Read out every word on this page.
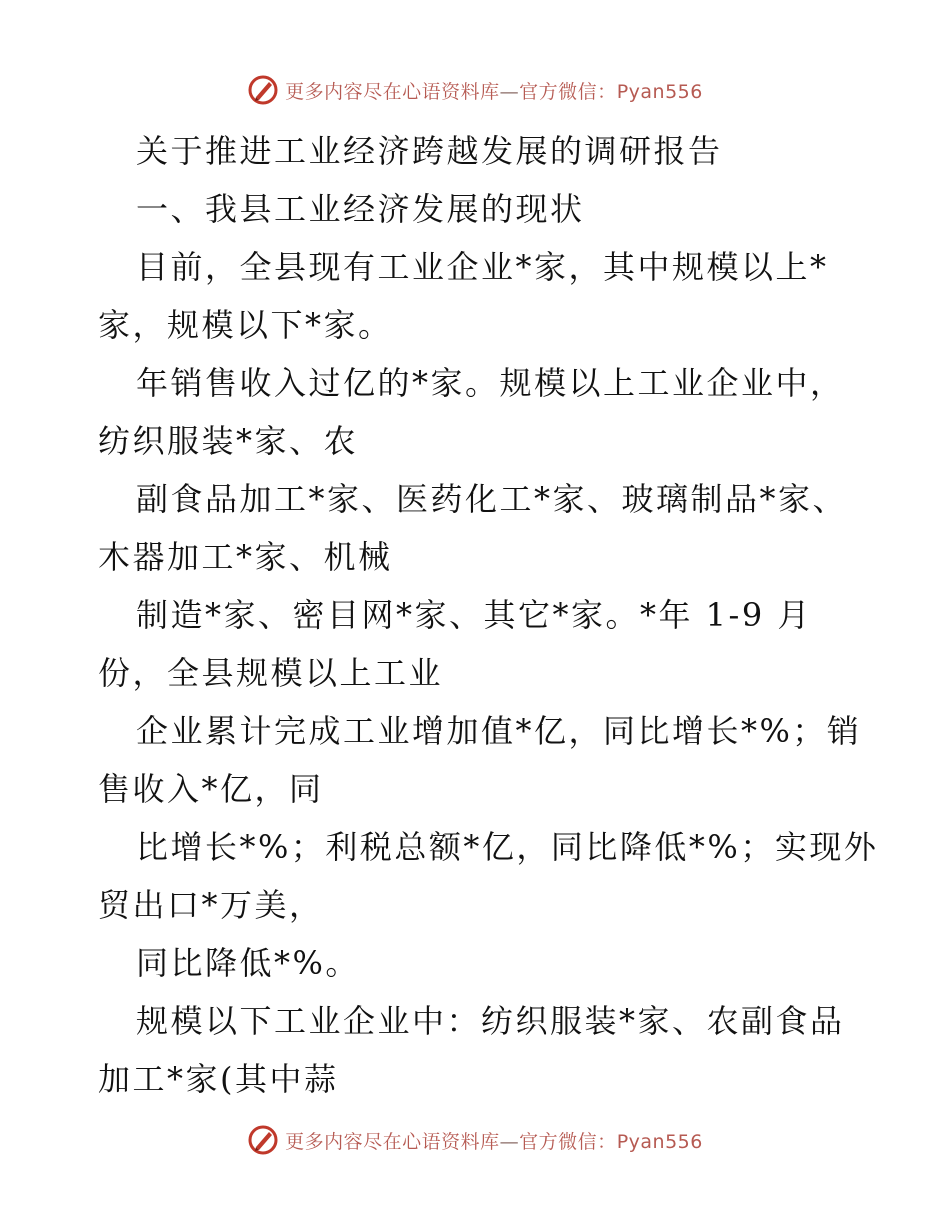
更多内容尽在心语资料库—官方微信：Pyan556
关于推进工业经济跨越发展的调研报告
一、我县工业经济发展的现状
目前，全县现有工业企业*家，其中规模以上*
家，规模以下*家。
年销售收入过亿的*家。规模以上工业企业中，
纺织服装*家、农
副食品加工*家、医药化工*家、玻璃制品*家、
木器加工*家、机械
制造*家、密目网*家、其它*家。*年 1-9 月
份，全县规模以上工业
企业累计完成工业增加值*亿，同比增长*%；销
售收入*亿，同
比增长*%；利税总额*亿，同比降低*%；实现外
贸出口*万美，
同比降低*%。
规模以下工业企业中：纺织服装*家、农副食品
加工*家(其中蒜
更多内容尽在心语资料库—官方微信：Pyan556
